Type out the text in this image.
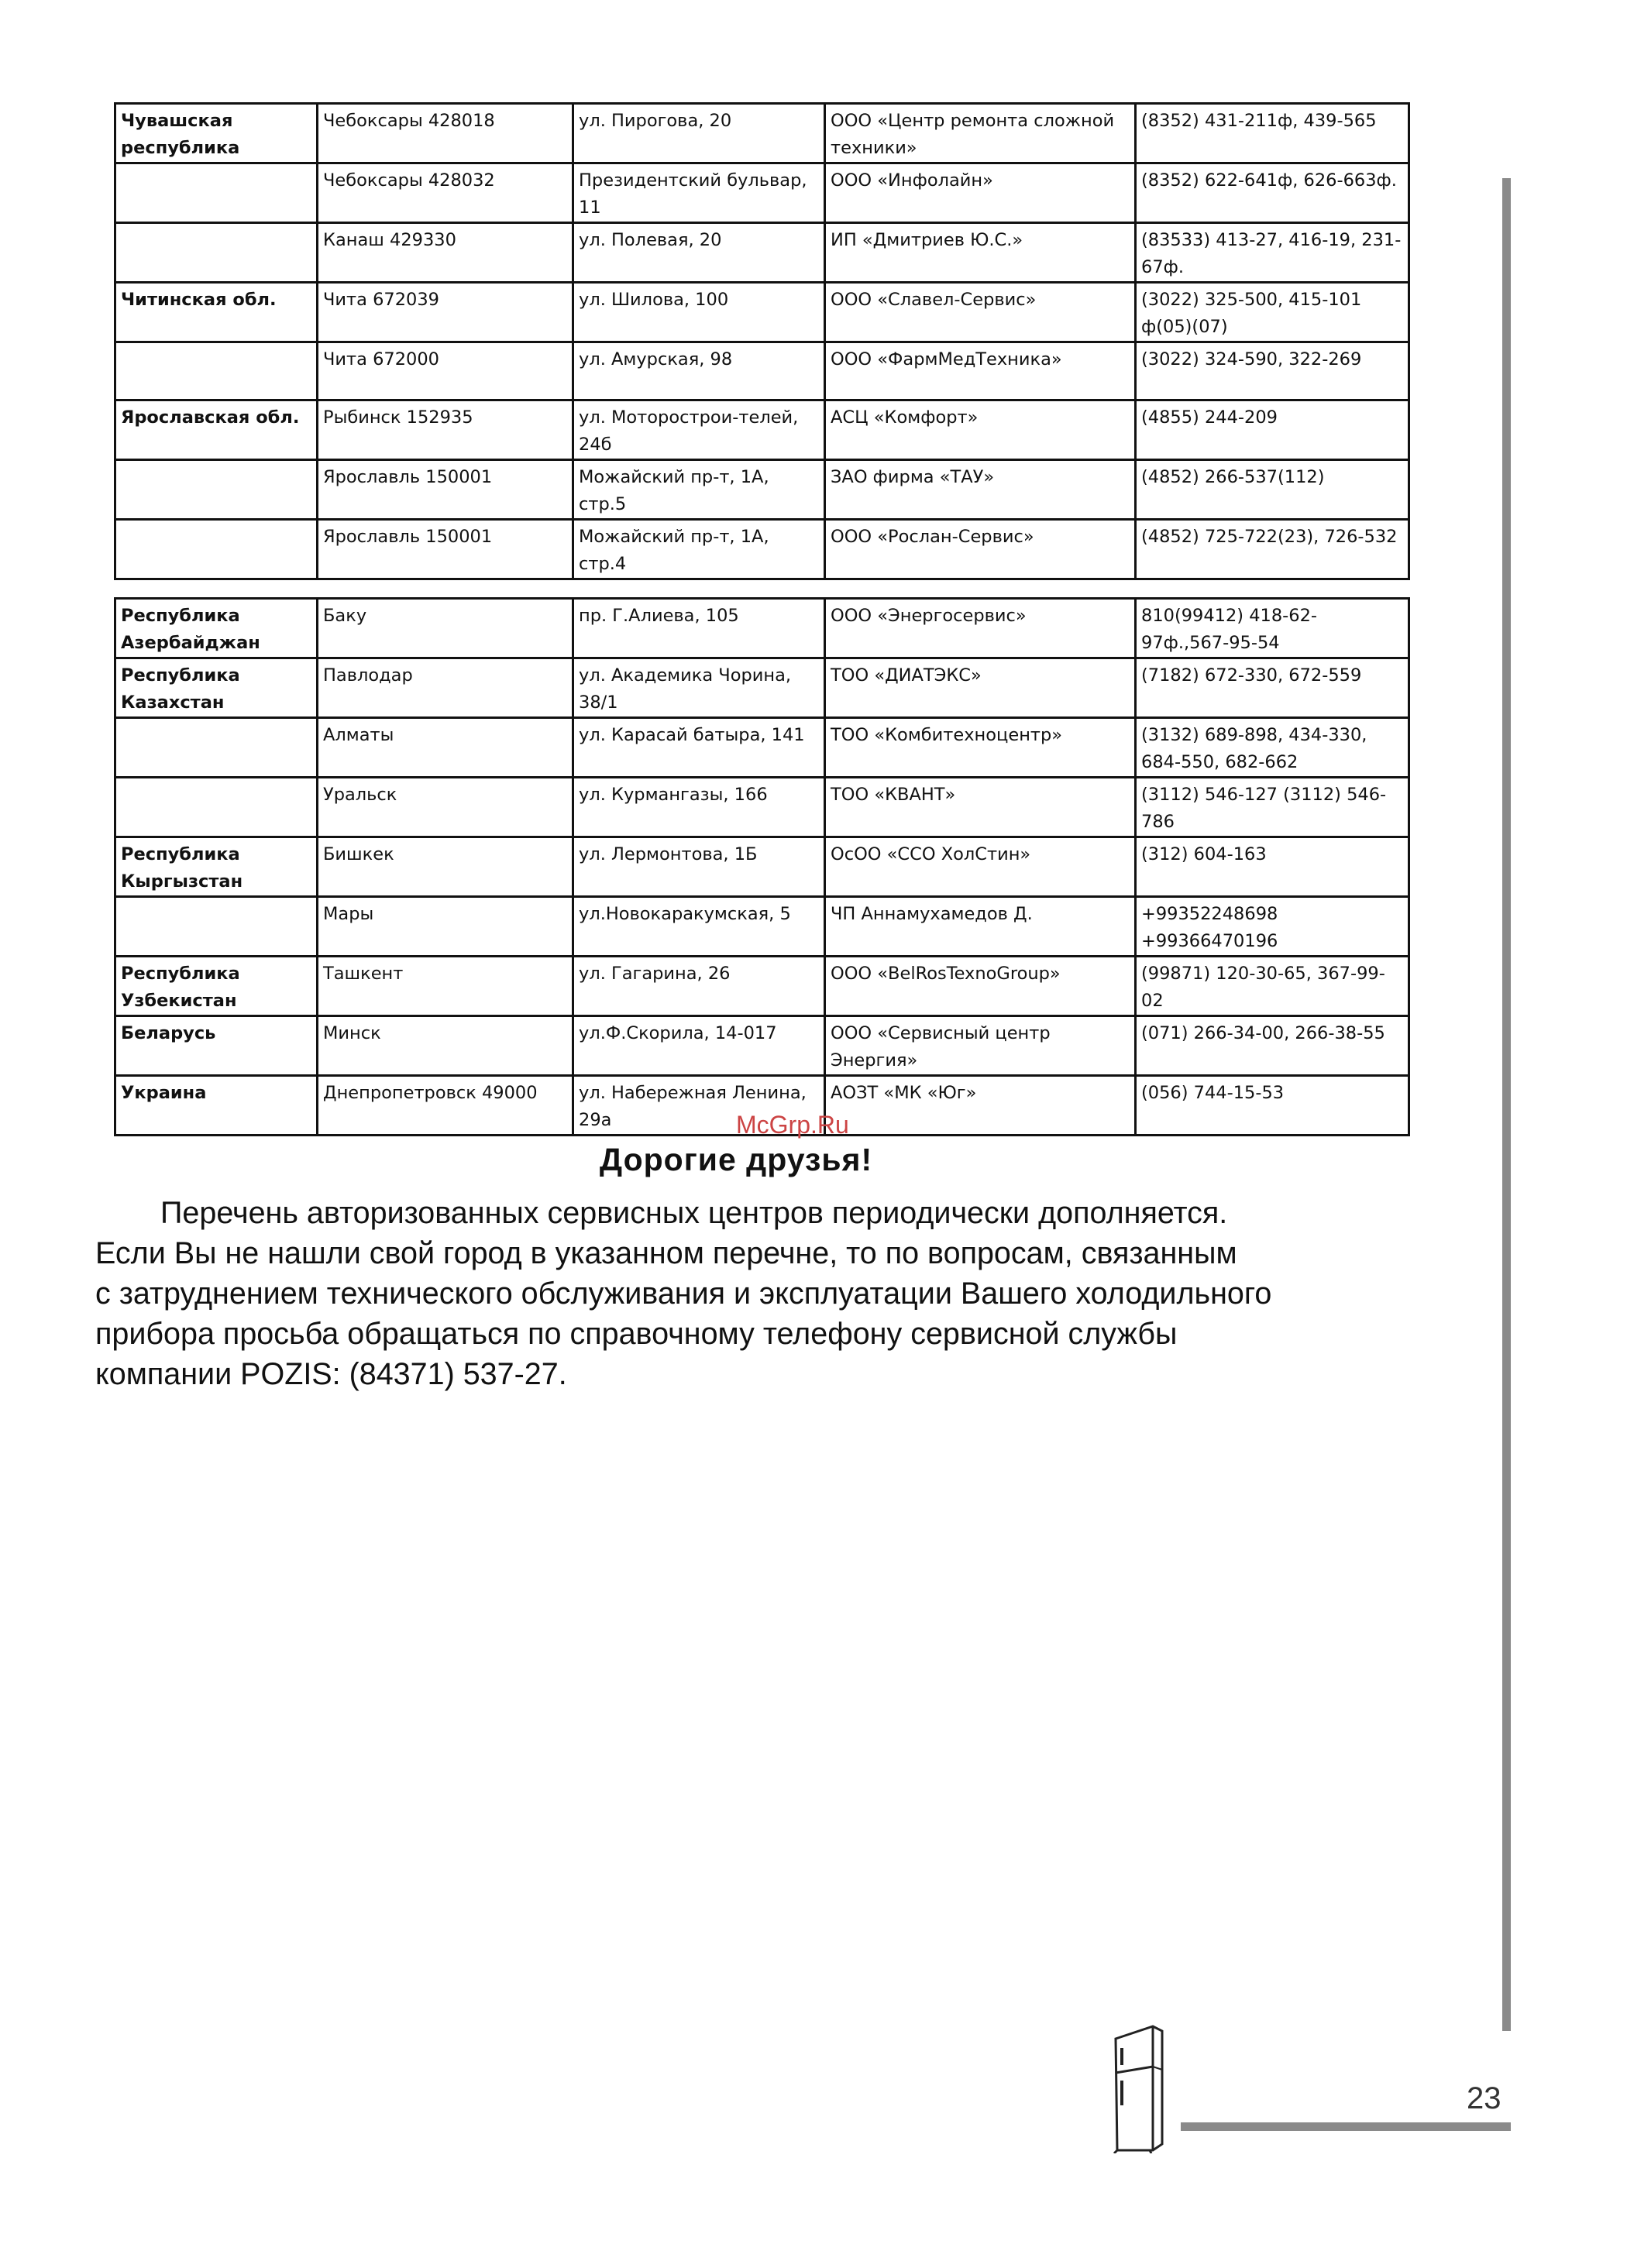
Чувашская республика	Чебоксары 428018	ул. Пирогова, 20	ООО «Центр ремонта сложной техники»	(8352) 431-211ф, 439-565
	Чебоксары 428032	Президентский бульвар, 11	ООО «Инфолайн»	(8352) 622-641ф, 626-663ф.
	Канаш 429330	ул. Полевая, 20	ИП «Дмитриев Ю.С.»	(83533) 413-27, 416-19, 231-67ф.
Читинская обл.	Чита 672039	ул. Шилова, 100	ООО «Славел-Сервис»	(3022) 325-500, 415-101 ф(05)(07)
	Чита 672000	ул. Амурская, 98	ООО «ФармМедТехника»	(3022) 324-590, 322-269
Ярославская обл.	Рыбинск 152935	ул. Моторострои-телей, 24б	АСЦ «Комфорт»	(4855) 244-209
	Ярославль 150001	Можайский пр-т, 1А, стр.5	ЗАО фирма «ТАУ»	(4852) 266-537(112)
	Ярославль 150001	Можайский пр-т, 1А, стр.4	ООО «Рослан-Сервис»	(4852) 725-722(23), 726-532
Республика Азербайджан	Баку	пр. Г.Алиева, 105	ООО «Энергосервис»	810(99412) 418-62-97ф.,567-95-54
Республика Казахстан	Павлодар	ул. Академика Чорина, 38/1	ТОО «ДИАТЭКС»	(7182) 672-330, 672-559
	Алматы	ул. Карасай батыра, 141	ТОО «Комбитехноцентр»	(3132) 689-898, 434-330, 684-550, 682-662
	Уральск	ул. Курмангазы, 166	ТОО «КВАНТ»	(3112) 546-127 (3112) 546-786
Республика Кыргызстан	Бишкек	ул. Лермонтова, 1Б	ОсОО «ССО ХолСтин»	(312) 604-163
	Мары	ул.Новокаракумская, 5	ЧП Аннамухамедов Д.	+99352248698 +99366470196
Республика Узбекистан	Ташкент	ул. Гагарина, 26	ООО «BelRosTexnoGroup»	(99871) 120-30-65, 367-99-02
Беларусь	Минск	ул.Ф.Скорила, 14-017	ООО «Сервисный центр Энергия»	(071) 266-34-00, 266-38-55
Украина	Днепропетровск 49000	ул. Набережная Ленина, 29а	АОЗТ «МК «Юг»	(056) 744-15-53
McGrp.Ru
Дорогие друзья!
Перечень авторизованных сервисных центров периодически дополняется.
Если Вы не нашли свой город в указанном перечне, то по вопросам, связанным
с затруднением технического обслуживания и эксплуатации Вашего холодильного
прибора просьба обращаться по справочному телефону сервисной службы
компании POZIS: (84371) 537-27.
23
